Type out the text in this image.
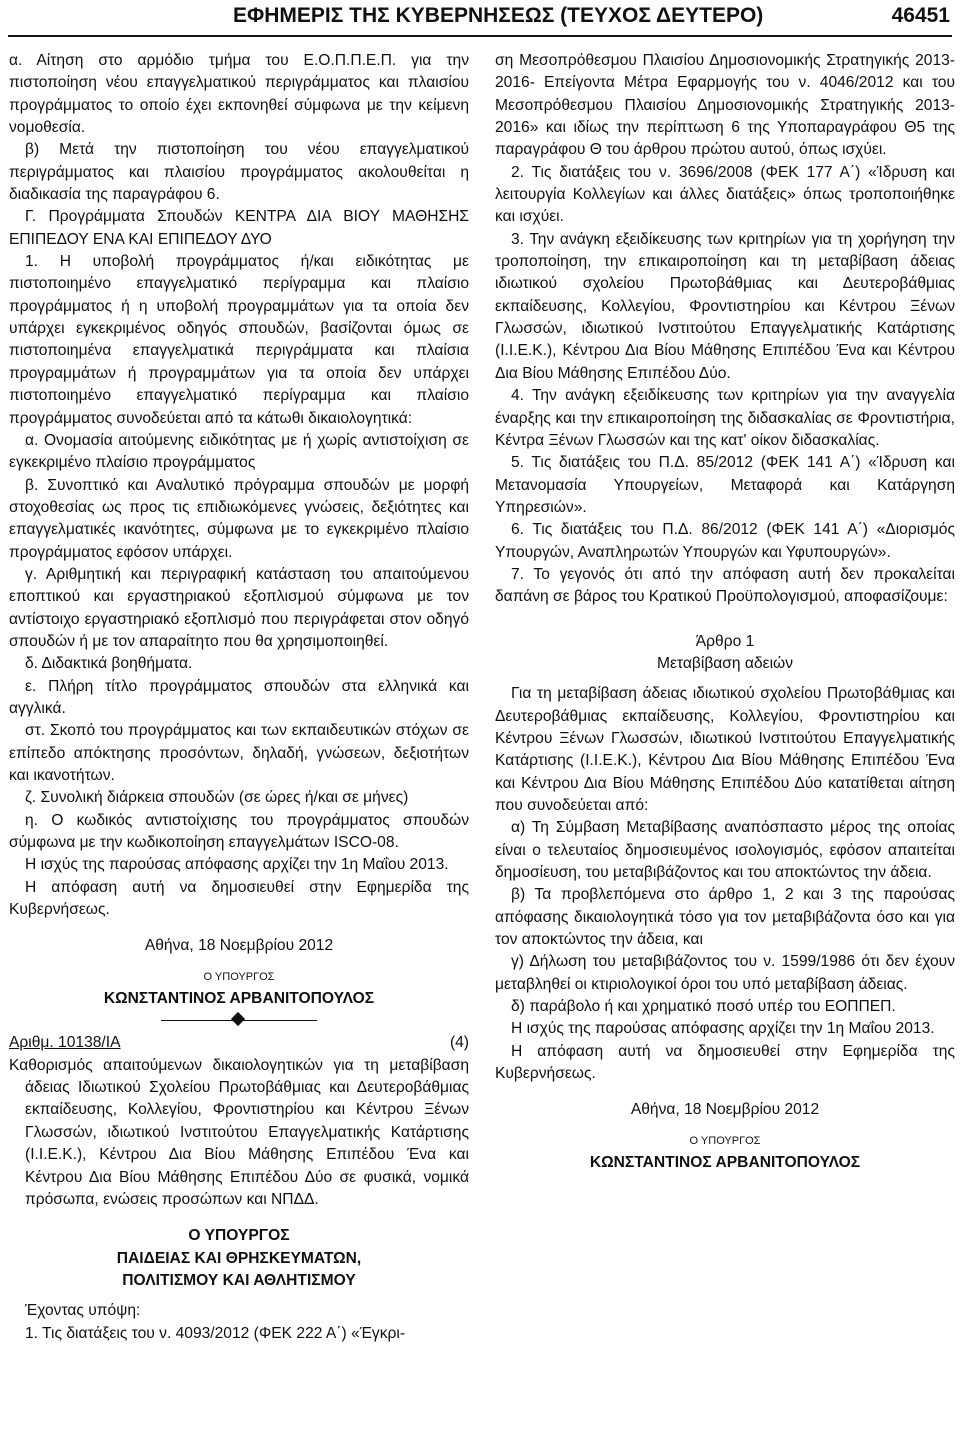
ΕΦΗΜΕΡΙΣ ΤΗΣ ΚΥΒΕΡΝΗΣΕΩΣ (ΤΕΥΧΟΣ ΔΕΥΤΕΡΟ)	46451

α. Αίτηση στο αρμόδιο τμήμα του Ε.Ο.Π.Π.Ε.Π. για την πιστοποίηση νέου επαγγελματικού περιγράμματος και πλαισίου προγράμματος το οποίο έχει εκπονηθεί σύμφωνα με την κείμενη νομοθεσία.

β) Μετά την πιστοποίηση του νέου επαγγελματικού περιγράμματος και πλαισίου προγράμματος ακολουθείται η διαδικασία της παραγράφου 6.

Γ. Προγράμματα Σπουδών ΚΕΝΤΡΑ ΔΙΑ ΒΙΟΥ ΜΑΘΗΣΗΣ ΕΠΙΠΕΔΟΥ ΕΝΑ ΚΑΙ ΕΠΙΠΕΔΟΥ ΔΥΟ

1. Η υποβολή προγράμματος ή/και ειδικότητας με πιστοποιημένο επαγγελματικό περίγραμμα και πλαίσιο προγράμματος ή η υποβολή προγραμμάτων για τα οποία δεν υπάρχει εγκεκριμένος οδηγός σπουδών, βασίζονται όμως σε πιστοποιημένα επαγγελματικά περιγράμματα και πλαίσια προγραμμάτων ή προγραμμάτων για τα οποία δεν υπάρχει πιστοποιημένο επαγγελματικό περίγραμμα και πλαίσιο προγράμματος συνοδεύεται από τα κάτωθι δικαιολογητικά:

α. Ονομασία αιτούμενης ειδικότητας με ή χωρίς αντιστοίχιση σε εγκεκριμένο πλαίσιο προγράμματος

β. Συνοπτικό και Αναλυτικό πρόγραμμα σπουδών με μορφή στοχοθεσίας ως προς τις επιδιωκόμενες γνώσεις, δεξιότητες και επαγγελματικές ικανότητες, σύμφωνα με το εγκεκριμένο πλαίσιο προγράμματος εφόσον υπάρχει.

γ. Αριθμητική και περιγραφική κατάσταση του απαιτούμενου εποπτικού και εργαστηριακού εξοπλισμού σύμφωνα με τον αντίστοιχο εργαστηριακό εξοπλισμό που περιγράφεται στον οδηγό σπουδών ή με τον απαραίτητο που θα χρησιμοποιηθεί.

δ. Διδακτικά βοηθήματα.

ε. Πλήρη τίτλο προγράμματος σπουδών στα ελληνικά και αγγλικά.

στ. Σκοπό του προγράμματος και των εκπαιδευτικών στόχων σε επίπεδο απόκτησης προσόντων, δηλαδή, γνώσεων, δεξιοτήτων και ικανοτήτων.

ζ. Συνολική διάρκεια σπουδών (σε ώρες ή/και σε μήνες)

η. Ο κωδικός αντιστοίχισης του προγράμματος σπουδών σύμφωνα με την κωδικοποίηση επαγγελμάτων ISCO-08.

Η ισχύς της παρούσας απόφασης αρχίζει την 1η Μαΐου 2013.

Η απόφαση αυτή να δημοσιευθεί στην Εφημερίδα της Κυβερνήσεως.

Αθήνα, 18 Νοεμβρίου 2012

Ο ΥΠΟΥΡΓΟΣ

ΚΩΝΣΤΑΝΤΙΝΟΣ ΑΡΒΑΝΙΤΟΠΟΥΛΟΣ

Αριθμ. 10138/ΙΑ	(4)

Καθορισμός απαιτούμενων δικαιολογητικών για τη μεταβίβαση άδειας Ιδιωτικού Σχολείου Πρωτοβάθμιας και Δευτεροβάθμιας εκπαίδευσης, Κολλεγίου, Φροντιστηρίου και Κέντρου Ξένων Γλωσσών, ιδιωτικού Ινστιτούτου Επαγγελματικής Κατάρτισης (Ι.Ι.Ε.Κ.), Κέντρου Δια Βίου Μάθησης Επιπέδου Ένα και Κέντρου Δια Βίου Μάθησης Επιπέδου Δύο σε φυσικά, νομικά πρόσωπα, ενώσεις προσώπων και ΝΠΔΔ.

Ο ΥΠΟΥΡΓΟΣ

ΠΑΙΔΕΙΑΣ ΚΑΙ ΘΡΗΣΚΕΥΜΑΤΩΝ,

ΠΟΛΙΤΙΣΜΟΥ ΚΑΙ ΑΘΛΗΤΙΣΜΟΥ

Έχοντας υπόψη:

1. Τις διατάξεις του ν. 4093/2012 (ΦΕΚ 222 Α΄) «Έγκρι-

ση Μεσοπρόθεσμου Πλαισίου Δημοσιονομικής Στρατηγικής 2013-2016- Επείγοντα Μέτρα Εφαρμογής του ν. 4046/2012 και του Μεσοπρόθεσμου Πλαισίου Δημοσιονομικής Στρατηγικής 2013-2016» και ιδίως την περίπτωση 6 της Υποπαραγράφου Θ5 της παραγράφου Θ του άρθρου πρώτου αυτού, όπως ισχύει.

2. Τις διατάξεις του ν. 3696/2008 (ΦΕΚ 177 Α΄) «Ίδρυση και λειτουργία Κολλεγίων και άλλες διατάξεις» όπως τροποποιήθηκε και ισχύει.

3. Την ανάγκη εξειδίκευσης των κριτηρίων για τη χορήγηση την τροποποίηση, την επικαιροποίηση και τη μεταβίβαση άδειας ιδιωτικού σχολείου Πρωτοβάθμιας και Δευτεροβάθμιας εκπαίδευσης, Κολλεγίου, Φροντιστηρίου και Κέντρου Ξένων Γλωσσών, ιδιωτικού Ινστιτούτου Επαγγελματικής Κατάρτισης (Ι.Ι.Ε.Κ.), Κέντρου Δια Βίου Μάθησης Επιπέδου Ένα και Κέντρου Δια Βίου Μάθησης Επιπέδου Δύο.

4. Την ανάγκη εξειδίκευσης των κριτηρίων για την αναγγελία έναρξης και την επικαιροποίηση της διδασκαλίας σε Φροντιστήρια, Κέντρα Ξένων Γλωσσών και της κατ' οίκον διδασκαλίας.

5. Τις διατάξεις του Π.Δ. 85/2012 (ΦΕΚ 141 Α΄) «Ίδρυση και Μετανομασία Υπουργείων, Μεταφορά και Κατάργηση Υπηρεσιών».

6. Τις διατάξεις του Π.Δ. 86/2012 (ΦΕΚ 141 Α΄) «Διορισμός Υπουργών, Αναπληρωτών Υπουργών και Υφυπουργών».

7. Το γεγονός ότι από την απόφαση αυτή δεν προκαλείται δαπάνη σε βάρος του Κρατικού Προϋπολογισμού, αποφασίζουμε:

Άρθρο 1

Μεταβίβαση αδειών

Για τη μεταβίβαση άδειας ιδιωτικού σχολείου Πρωτοβάθμιας και Δευτεροβάθμιας εκπαίδευσης, Κολλεγίου, Φροντιστηρίου και Κέντρου Ξένων Γλωσσών, ιδιωτικού Ινστιτούτου Επαγγελματικής Κατάρτισης (Ι.Ι.Ε.Κ.), Κέντρου Δια Βίου Μάθησης Επιπέδου Ένα και Κέντρου Δια Βίου Μάθησης Επιπέδου Δύο κατατίθεται αίτηση που συνοδεύεται από:

α) Τη Σύμβαση Μεταβίβασης αναπόσπαστο μέρος της οποίας είναι ο τελευταίος δημοσιευμένος ισολογισμός, εφόσον απαιτείται δημοσίευση, του μεταβιβάζοντος και του αποκτώντος την άδεια.

β) Τα προβλεπόμενα στο άρθρο 1, 2 και 3 της παρούσας απόφασης δικαιολογητικά τόσο για τον μεταβιβάζοντα όσο και για τον αποκτώντος την άδεια, και

γ) Δήλωση του μεταβιβάζοντος του ν. 1599/1986 ότι δεν έχουν μεταβληθεί οι κτιριολογικοί όροι του υπό μεταβίβαση άδειας.

δ) παράβολο ή και χρηματικό ποσό υπέρ του ΕΟΠΠΕΠ.

Η ισχύς της παρούσας απόφασης αρχίζει την 1η Μαΐου 2013.

Η απόφαση αυτή να δημοσιευθεί στην Εφημερίδα της Κυβερνήσεως.

Αθήνα, 18 Νοεμβρίου 2012

Ο ΥΠΟΥΡΓΟΣ

ΚΩΝΣΤΑΝΤΙΝΟΣ ΑΡΒΑΝΙΤΟΠΟΥΛΟΣ
